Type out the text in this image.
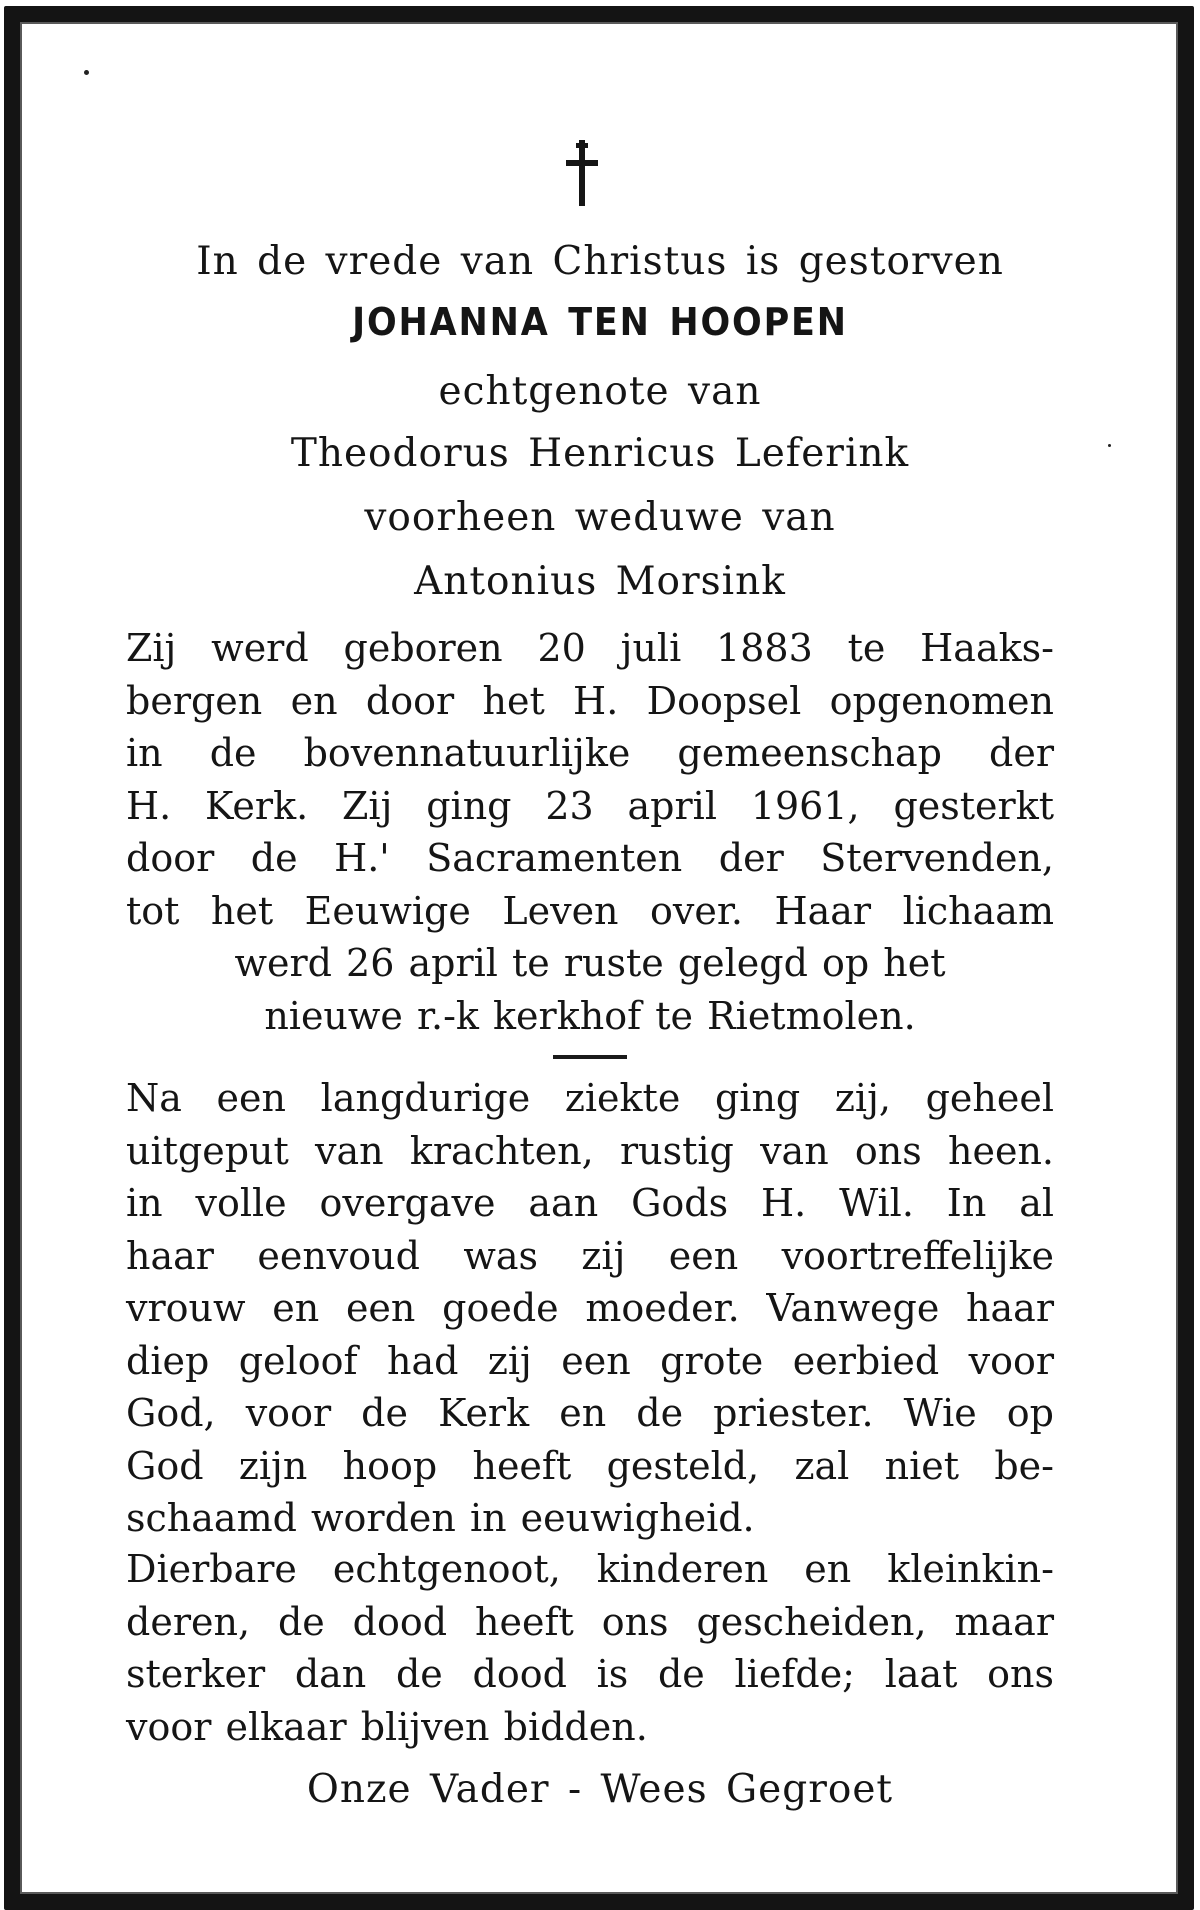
In de vrede van Christus is gestorven
JOHANNA TEN HOOPEN
echtgenote van
Theodorus Henricus Leferink
voorheen weduwe van
Antonius Morsink
Zij werd geboren 20 juli 1883 te Haaks-
bergen en door het H. Doopsel opgenomen
in de bovennatuurlijke gemeenschap der
H. Kerk. Zij ging 23 april 1961, gesterkt
door de H.' Sacramenten der Stervenden,
tot het Eeuwige Leven over. Haar lichaam
werd 26 april te ruste gelegd op het
nieuwe r.-k kerkhof te Rietmolen.
Na een langdurige ziekte ging zij, geheel
uitgeput van krachten, rustig van ons heen.
in volle overgave aan Gods H. Wil. In al
haar eenvoud was zij een voortreffelijke
vrouw en een goede moeder. Vanwege haar
diep geloof had zij een grote eerbied voor
God, voor de Kerk en de priester. Wie op
God zijn hoop heeft gesteld, zal niet be-
schaamd worden in eeuwigheid.
Dierbare echtgenoot, kinderen en kleinkin-
deren, de dood heeft ons gescheiden, maar
sterker dan de dood is de liefde; laat ons
voor elkaar blijven bidden.
Onze Vader - Wees Gegroet
